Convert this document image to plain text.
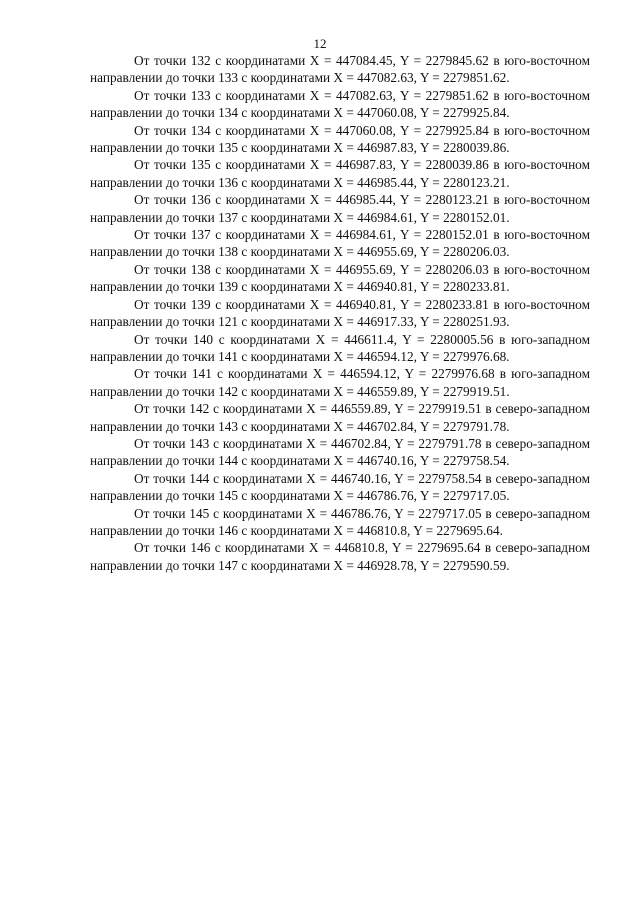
12

От точки 132 с координатами X = 447084.45, Y = 2279845.62 в юго-восточном направлении до точки 133 с координатами X = 447082.63, Y = 2279851.62.

От точки 133 с координатами X = 447082.63, Y = 2279851.62 в юго-восточном направлении до точки 134 с координатами X = 447060.08, Y = 2279925.84.

От точки 134 с координатами X = 447060.08, Y = 2279925.84 в юго-восточном направлении до точки 135 с координатами X = 446987.83, Y = 2280039.86.

От точки 135 с координатами X = 446987.83, Y = 2280039.86 в юго-восточном направлении до точки 136 с координатами X = 446985.44, Y = 2280123.21.

От точки 136 с координатами X = 446985.44, Y = 2280123.21 в юго-восточном направлении до точки 137 с координатами X = 446984.61, Y = 2280152.01.

От точки 137 с координатами X = 446984.61, Y = 2280152.01 в юго-восточном направлении до точки 138 с координатами X = 446955.69, Y = 2280206.03.

От точки 138 с координатами X = 446955.69, Y = 2280206.03 в юго-восточном направлении до точки 139 с координатами X = 446940.81, Y = 2280233.81.

От точки 139 с координатами X = 446940.81, Y = 2280233.81 в юго-восточном направлении до точки 121 с координатами X = 446917.33, Y = 2280251.93.

От точки 140 с координатами X = 446611.4, Y = 2280005.56 в юго-западном направлении до точки 141 с координатами X = 446594.12, Y = 2279976.68.

От точки 141 с координатами X = 446594.12, Y = 2279976.68 в юго-западном направлении до точки 142 с координатами X = 446559.89, Y = 2279919.51.

От точки 142 с координатами X = 446559.89, Y = 2279919.51 в северо-западном направлении до точки 143 с координатами X = 446702.84, Y = 2279791.78.

От точки 143 с координатами X = 446702.84, Y = 2279791.78 в северо-западном направлении до точки 144 с координатами X = 446740.16, Y = 2279758.54.

От точки 144 с координатами X = 446740.16, Y = 2279758.54 в северо-западном направлении до точки 145 с координатами X = 446786.76, Y = 2279717.05.

От точки 145 с координатами X = 446786.76, Y = 2279717.05 в северо-западном направлении до точки 146 с координатами X = 446810.8, Y = 2279695.64.

От точки 146 с координатами X = 446810.8, Y = 2279695.64 в северо-западном направлении до точки 147 с координатами X = 446928.78, Y = 2279590.59.
